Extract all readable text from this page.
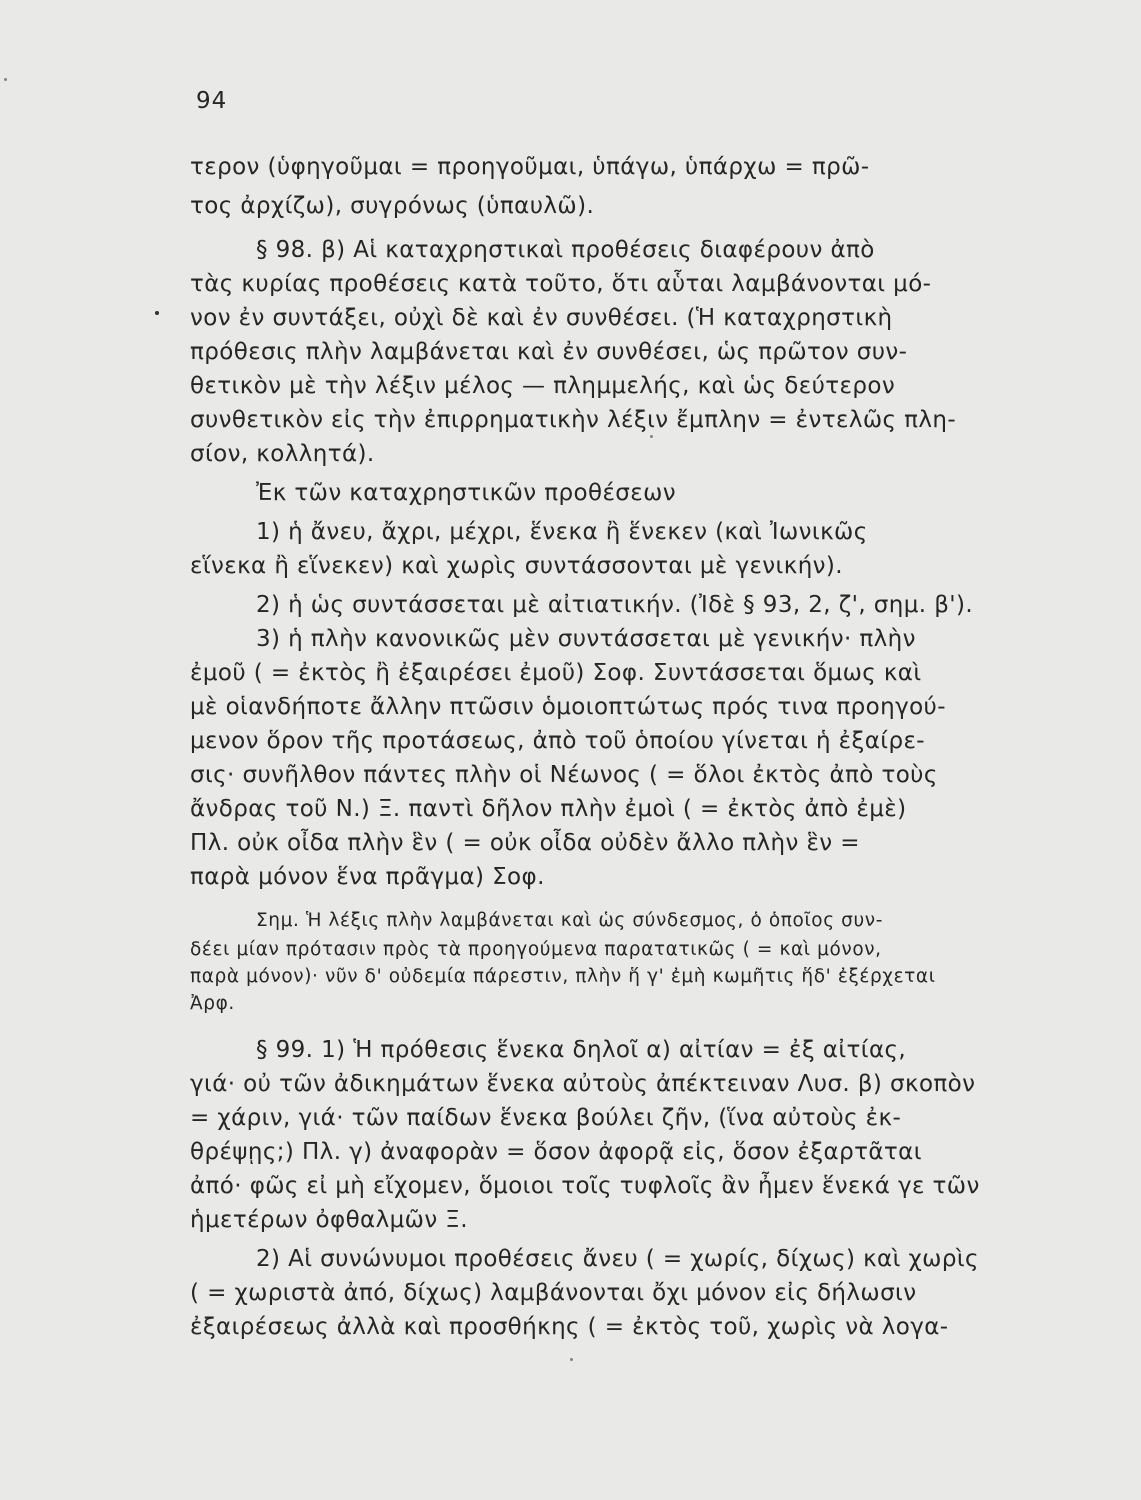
94
τερον (ὑφηγοῦμαι = προηγοῦμαι, ὑπάγω, ὑπάρχω = πρῶ-
τος ἀρχίζω), συγρόνως (ὑπαυλῶ).
§ 98. β) Αἱ καταχρηστικαὶ προθέσεις διαφέρουν ἀπὸ
τὰς κυρίας προθέσεις κατὰ τοῦτο, ὅτι αὗται λαμβάνονται μό-
νον ἐν συντάξει, οὐχὶ δὲ καὶ ἐν συνθέσει. (Ἡ καταχρηστικὴ
πρόθεσις πλὴν λαμβάνεται καὶ ἐν συνθέσει, ὡς πρῶτον συν-
θετικὸν μὲ τὴν λέξιν μέλος — πλημμελής, καὶ ὡς δεύτερον
συνθετικὸν εἰς τὴν ἐπιρρηματικὴν λέξιν ἔμπλην = ἐντελῶς πλη-
σίον, κολλητά).
Ἐκ τῶν καταχρηστικῶν προθέσεων
1) ἡ ἄνευ, ἄχρι, μέχρι, ἕνεκα ἢ ἕνεκεν (καὶ Ἰωνικῶς
εἵνεκα ἢ εἵνεκεν) καὶ χωρὶς συντάσσονται μὲ γενικήν).
2) ἡ ὡς συντάσσεται μὲ αἰτιατικήν. (Ἰδὲ § 93, 2, ζ', σημ. β').
3) ἡ πλὴν κανονικῶς μὲν συντάσσεται μὲ γενικήν· πλὴν
ἐμοῦ ( = ἐκτὸς ἢ ἐξαιρέσει ἐμοῦ) Σοφ. Συντάσσεται ὅμως καὶ
μὲ οἱανδήποτε ἄλλην πτῶσιν ὁμοιοπτώτως πρός τινα προηγού-
μενον ὅρον τῆς προτάσεως, ἀπὸ τοῦ ὁποίου γίνεται ἡ ἐξαίρε-
σις· συνῆλθον πάντες πλὴν οἱ Νέωνος ( = ὅλοι ἐκτὸς ἀπὸ τοὺς
ἄνδρας τοῦ Ν.) Ξ. παντὶ δῆλον πλὴν ἐμοὶ ( = ἐκτὸς ἀπὸ ἐμὲ)
Πλ. οὐκ οἶδα πλὴν ἓν ( = οὐκ οἶδα οὐδὲν ἄλλο πλὴν ἓν =
παρὰ μόνον ἕνα πρᾶγμα) Σοφ.
Σημ. Ἡ λέξις πλὴν λαμβάνεται καὶ ὡς σύνδεσμος, ὁ ὁποῖος συν-
δέει μίαν πρότασιν πρὸς τὰ προηγούμενα παρατατικῶς ( = καὶ μόνον,
παρὰ μόνον)· νῦν δ' οὐδεμία πάρεστιν, πλὴν ἥ γ' ἐμὴ κωμῆτις ἥδ' ἐξέρχεται
Ἀρφ.
§ 99. 1) Ἡ πρόθεσις ἕνεκα δηλοῖ α) αἰτίαν = ἐξ αἰτίας,
γιά· οὐ τῶν ἀδικημάτων ἕνεκα αὐτοὺς ἀπέκτειναν Λυσ. β) σκοπὸν
= χάριν, γιά· τῶν παίδων ἕνεκα βούλει ζῆν, (ἵνα αὐτοὺς ἐκ-
θρέψῃς;) Πλ. γ) ἀναφορὰν = ὅσον ἀφορᾷ εἰς, ὅσον ἐξαρτᾶται
ἀπό· φῶς εἰ μὴ εἴχομεν, ὅμοιοι τοῖς τυφλοῖς ἂν ἦμεν ἕνεκά γε τῶν
ἡμετέρων ὀφθαλμῶν Ξ.
2) Αἱ συνώνυμοι προθέσεις ἄνευ ( = χωρίς, δίχως) καὶ χωρὶς
( = χωριστὰ ἀπό, δίχως) λαμβάνονται ὄχι μόνον εἰς δήλωσιν
ἐξαιρέσεως ἀλλὰ καὶ προσθήκης ( = ἐκτὸς τοῦ, χωρὶς νὰ λογα-
